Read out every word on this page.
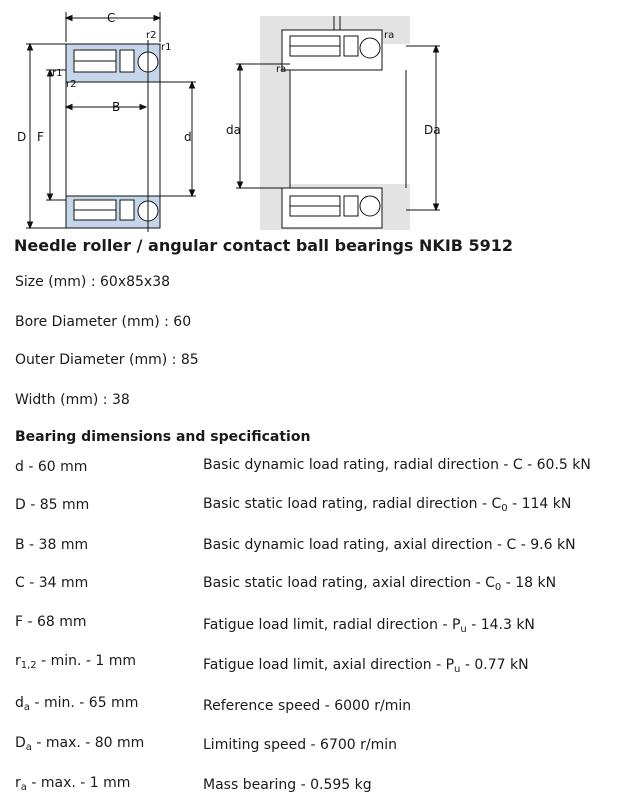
C
r2
r1
r1
r2
B
D F	d
ra
ra
da	Da
Needle roller / angular contact ball bearings NKIB 5912
Size (mm) : 60x85x38
Bore Diameter (mm) : 60
Outer Diameter (mm) : 85
Width (mm) : 38
Bearing dimensions and specification
d - 60 mm
D - 85 mm
B - 38 mm
C - 34 mm
F - 68 mm
$r_{1,2}$ - min. - 1 mm
$d_a$ - min. - 65 mm
$D_a$ - max. - 80 mm
$r_a$ - max. - 1 mm
Basic dynamic load rating, radial direction - C - 60.5 kN
Basic static load rating, radial direction - $C_0 - 114$ kN
Basic dynamic load rating, axial direction - C - 9.6 kN
Basic static load rating, axial direction - $C_0 - 18$ kN
Fatigue load limit, radial direction - $P_u - 14.3$ kN
Fatigue load limit, axial direction - $P_u - 0.77$ kN
Reference speed - 6000 r/min
Limiting speed - 6700 r/min
Mass bearing - 0.595 kg
